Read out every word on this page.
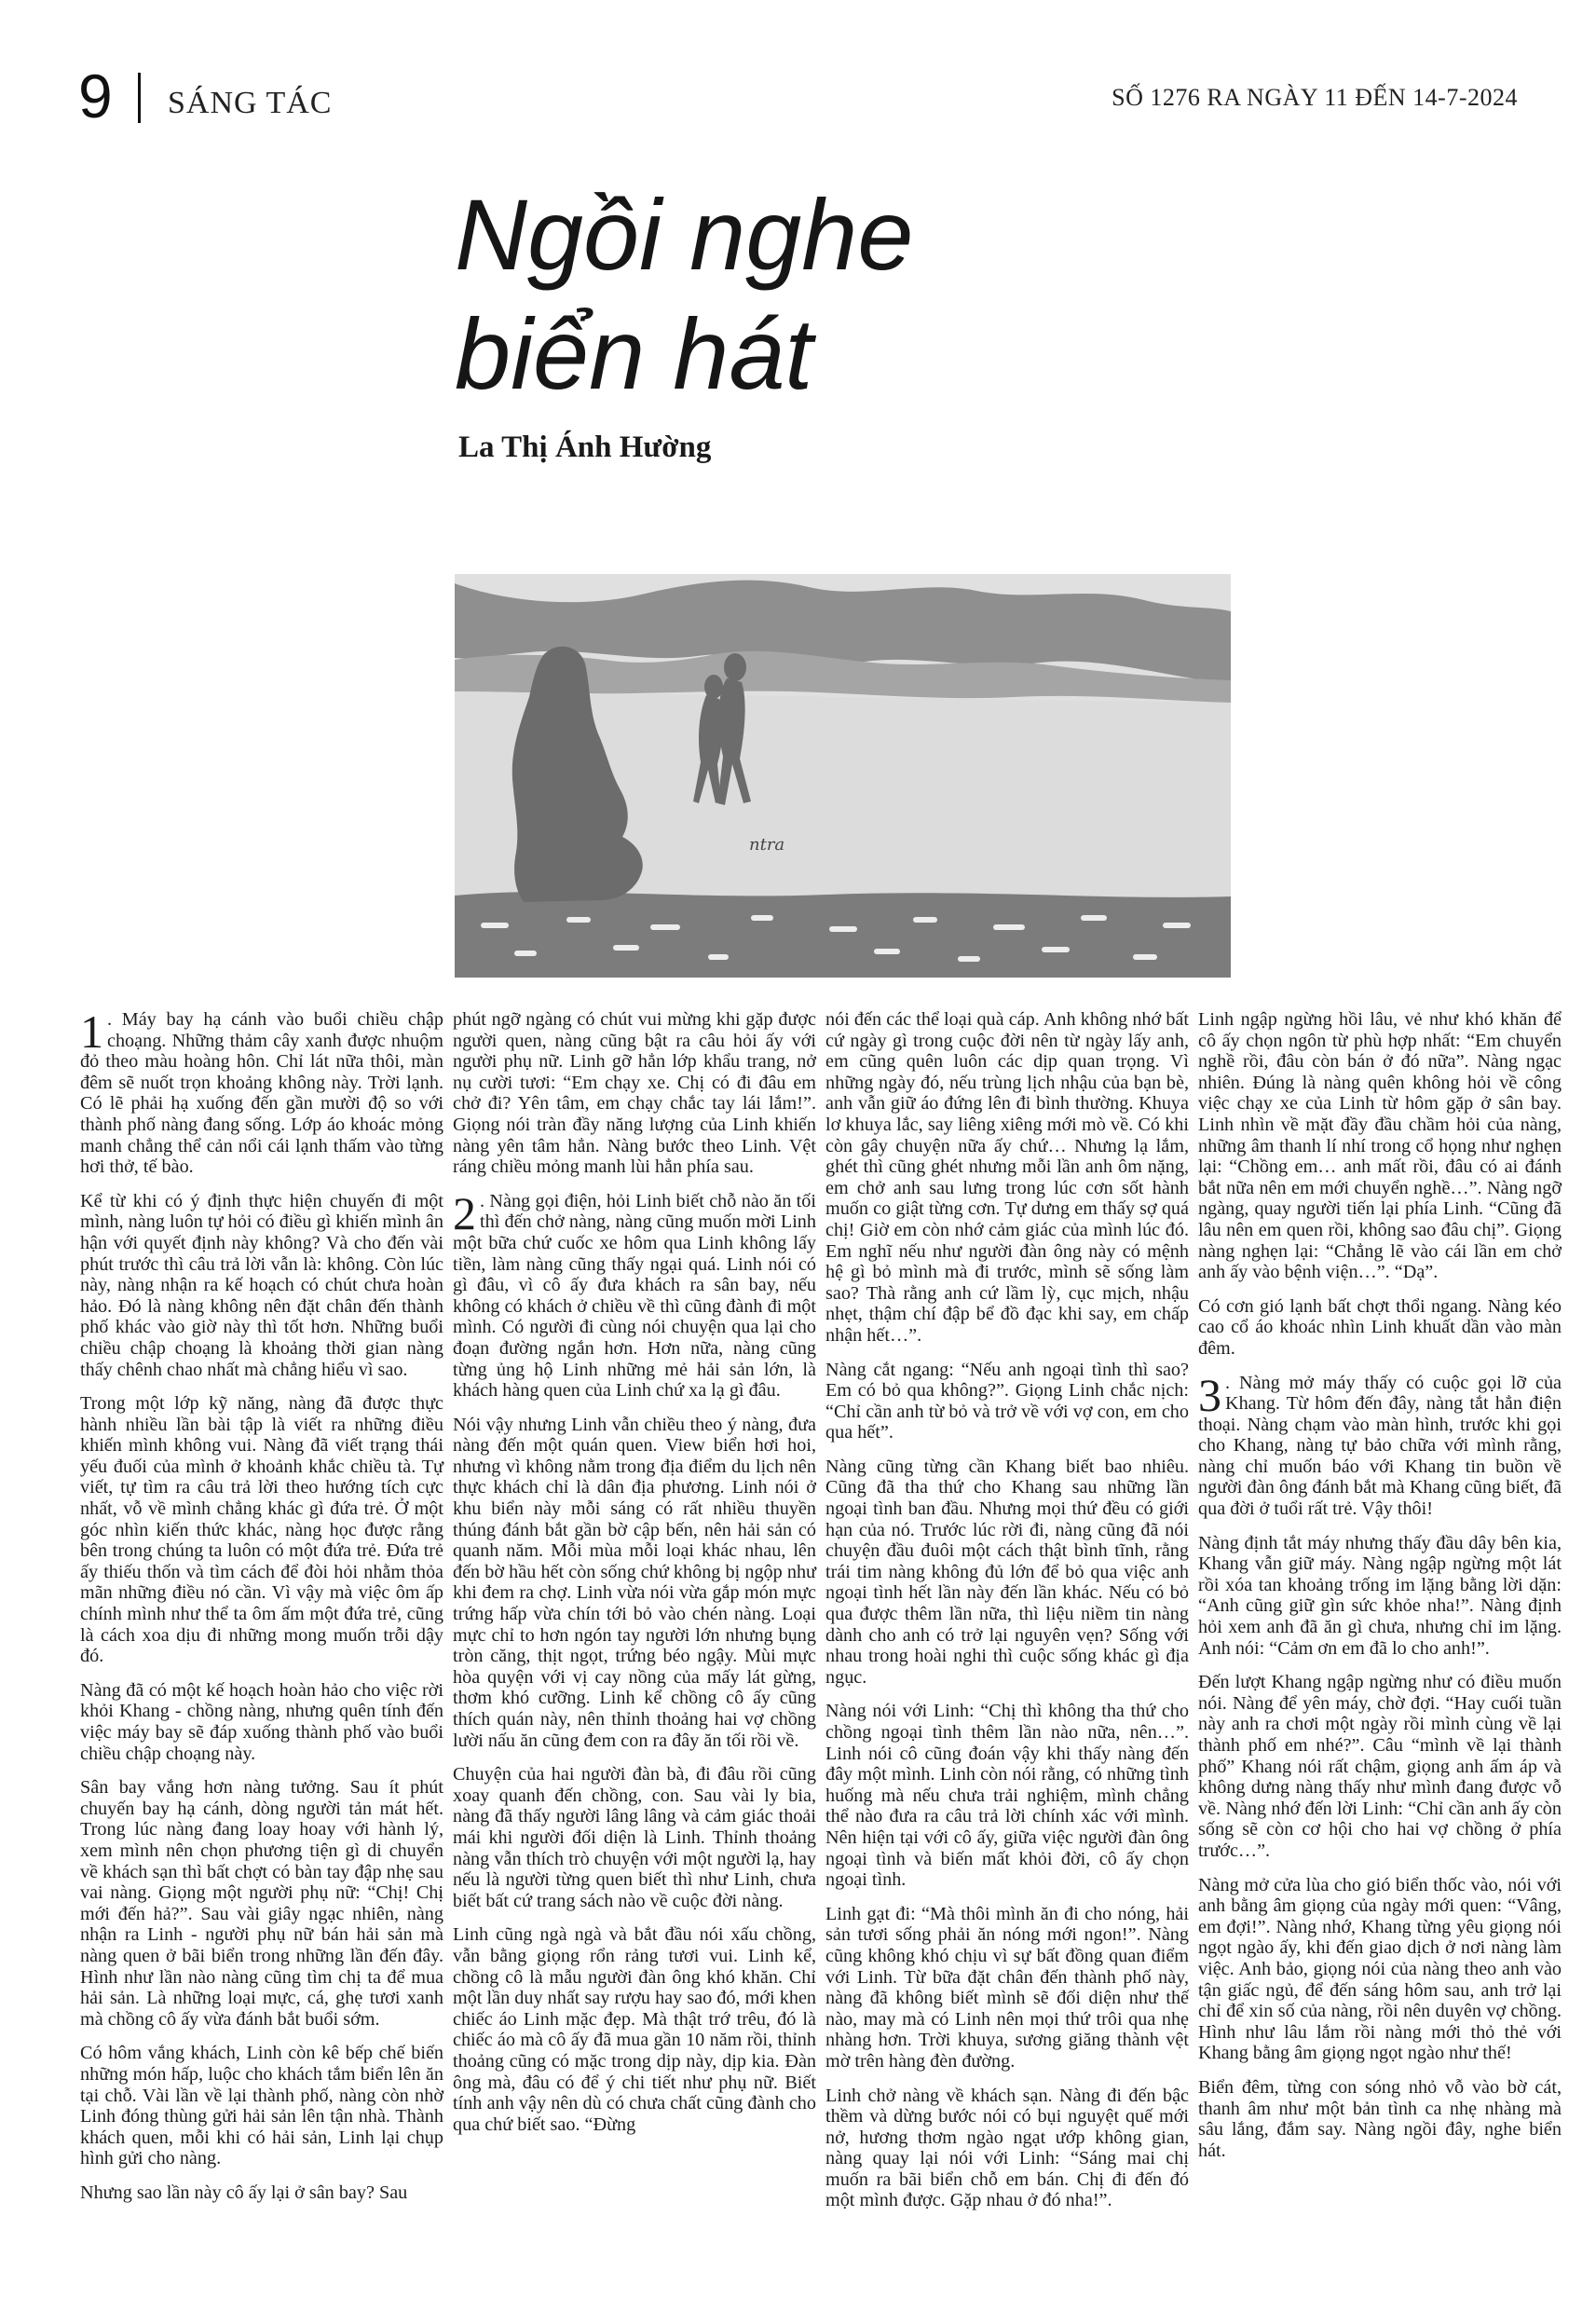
9 SÁNG TÁC	SỐ 1276 RA NGÀY 11 ĐẾN 14-7-2024
Ngồi nghe
biển hát
La Thị Ánh Hường
ntra

1 . Máy bay hạ cánh vào buổi chiều chập choạng. Những thảm cây xanh được nhuộm đỏ theo màu hoàng hôn. Chỉ lát nữa thôi, màn đêm sẽ nuốt trọn khoảng không này. Trời lạnh. Có lẽ phải hạ xuống đến gần mười độ so với thành phố nàng đang sống. Lớp áo khoác mỏng manh chẳng thể cản nổi cái lạnh thấm vào từng hơi thở, tế bào.

Kể từ khi có ý định thực hiện chuyến đi một mình, nàng luôn tự hỏi có điều gì khiến mình ân hận với quyết định này không? Và cho đến vài phút trước thì câu trả lời vẫn là: không. Còn lúc này, nàng nhận ra kế hoạch có chút chưa hoàn hảo. Đó là nàng không nên đặt chân đến thành phố khác vào giờ này thì tốt hơn. Những buổi chiều chập choạng là khoảng thời gian nàng thấy chênh chao nhất mà chẳng hiểu vì sao.

Trong một lớp kỹ năng, nàng đã được thực hành nhiều lần bài tập là viết ra những điều khiến mình không vui. Nàng đã viết trạng thái yếu đuối của mình ở khoảnh khắc chiều tà. Tự viết, tự tìm ra câu trả lời theo hướng tích cực nhất, vỗ về mình chẳng khác gì đứa trẻ. Ở một góc nhìn kiến thức khác, nàng học được rằng bên trong chúng ta luôn có một đứa trẻ. Đứa trẻ ấy thiếu thốn và tìm cách để đòi hỏi nhằm thỏa mãn những điều nó cần. Vì vậy mà việc ôm ấp chính mình như thể ta ôm ấm một đứa trẻ, cũng là cách xoa dịu đi những mong muốn trỗi dậy đó.

Nàng đã có một kế hoạch hoàn hảo cho việc rời khỏi Khang - chồng nàng, nhưng quên tính đến việc máy bay sẽ đáp xuống thành phố vào buổi chiều chập choạng này.

Sân bay vắng hơn nàng tưởng. Sau ít phút chuyến bay hạ cánh, dòng người tản mát hết. Trong lúc nàng đang loay hoay với hành lý, xem mình nên chọn phương tiện gì di chuyển về khách sạn thì bất chợt có bàn tay đập nhẹ sau vai nàng. Giọng một người phụ nữ: “Chị! Chị mới đến hả?”. Sau vài giây ngạc nhiên, nàng nhận ra Linh - người phụ nữ bán hải sản mà nàng quen ở bãi biển trong những lần đến đây. Hình như lần nào nàng cũng tìm chị ta để mua hải sản. Là những loại mực, cá, ghẹ tươi xanh mà chồng cô ấy vừa đánh bắt buổi sớm.

Có hôm vắng khách, Linh còn kê bếp chế biến những món hấp, luộc cho khách tắm biển lên ăn tại chỗ. Vài lần về lại thành phố, nàng còn nhờ Linh đóng thùng gửi hải sản lên tận nhà. Thành khách quen, mỗi khi có hải sản, Linh lại chụp hình gửi cho nàng.

Nhưng sao lần này cô ấy lại ở sân bay? Sau

phút ngỡ ngàng có chút vui mừng khi gặp được người quen, nàng cũng bật ra câu hỏi ấy với người phụ nữ. Linh gỡ hẳn lớp khẩu trang, nở nụ cười tươi: “Em chạy xe. Chị có đi đâu em chở đi? Yên tâm, em chạy chắc tay lái lắm!”. Giọng nói tràn đầy năng lượng của Linh khiến nàng yên tâm hẳn. Nàng bước theo Linh. Vệt ráng chiều mỏng manh lùi hẳn phía sau.

2 . Nàng gọi điện, hỏi Linh biết chỗ nào ăn tối thì đến chở nàng, nàng cũng muốn mời Linh một bữa chứ cuốc xe hôm qua Linh không lấy tiền, làm nàng cũng thấy ngại quá. Linh nói có gì đâu, vì cô ấy đưa khách ra sân bay, nếu không có khách ở chiều về thì cũng đành đi một mình. Có người đi cùng nói chuyện qua lại cho đoạn đường ngắn hơn. Hơn nữa, nàng cũng từng ủng hộ Linh những mẻ hải sản lớn, là khách hàng quen của Linh chứ xa lạ gì đâu.

Nói vậy nhưng Linh vẫn chiều theo ý nàng, đưa nàng đến một quán quen. View biển hơi hoi, nhưng vì không nằm trong địa điểm du lịch nên thực khách chỉ là dân địa phương. Linh nói ở khu biển này mỗi sáng có rất nhiều thuyền thúng đánh bắt gần bờ cập bến, nên hải sản có quanh năm. Mỗi mùa mỗi loại khác nhau, lên đến bờ hầu hết còn sống chứ không bị ngộp như khi đem ra chợ. Linh vừa nói vừa gắp món mực trứng hấp vừa chín tới bỏ vào chén nàng. Loại mực chỉ to hơn ngón tay người lớn nhưng bụng tròn căng, thịt ngọt, trứng béo ngậy. Mùi mực hòa quyện với vị cay nồng của mấy lát gừng, thơm khó cưỡng. Linh kể chồng cô ấy cũng thích quán này, nên thỉnh thoảng hai vợ chồng lười nấu ăn cũng đem con ra đây ăn tối rồi về.

Chuyện của hai người đàn bà, đi đâu rồi cũng xoay quanh đến chồng, con. Sau vài ly bia, nàng đã thấy người lâng lâng và cảm giác thoải mái khi người đối diện là Linh. Thỉnh thoảng nàng vẫn thích trò chuyện với một người lạ, hay nếu là người từng quen biết thì như Linh, chưa biết bất cứ trang sách nào về cuộc đời nàng.

Linh cũng ngà ngà và bắt đầu nói xấu chồng, vẫn bằng giọng rổn rảng tươi vui. Linh kể, chồng cô là mẫu người đàn ông khó khăn. Chỉ một lần duy nhất say rượu hay sao đó, mới khen chiếc áo Linh mặc đẹp. Mà thật trớ trêu, đó là chiếc áo mà cô ấy đã mua gần 10 năm rồi, thỉnh thoảng cũng có mặc trong dịp này, dịp kia. Đàn ông mà, đâu có để ý chi tiết như phụ nữ. Biết tính anh vậy nên dù có chưa chất cũng đành cho qua chứ biết sao. “Đừng

nói đến các thể loại quà cáp. Anh không nhớ bất cứ ngày gì trong cuộc đời nên từ ngày lấy anh, em cũng quên luôn các dịp quan trọng. Vì những ngày đó, nếu trùng lịch nhậu của bạn bè, anh vẫn giữ áo đứng lên đi bình thường. Khuya lơ khuya lắc, say liêng xiêng mới mò về. Có khi còn gây chuyện nữa ấy chứ… Nhưng lạ lắm, ghét thì cũng ghét nhưng mỗi lần anh ôm nặng, em chở anh sau lưng trong lúc cơn sốt hành muốn co giật từng cơn. Tự dưng em thấy sợ quá chị! Giờ em còn nhớ cảm giác của mình lúc đó. Em nghĩ nếu như người đàn ông này có mệnh hệ gì bỏ mình mà đi trước, mình sẽ sống làm sao? Thà rằng anh cứ lầm lỳ, cục mịch, nhậu nhẹt, thậm chí đập bể đồ đạc khi say, em chấp nhận hết…”.

Nàng cắt ngang: “Nếu anh ngoại tình thì sao? Em có bỏ qua không?”. Giọng Linh chắc nịch: “Chỉ cần anh từ bỏ và trở về với vợ con, em cho qua hết”.

Nàng cũng từng cần Khang biết bao nhiêu. Cũng đã tha thứ cho Khang sau những lần ngoại tình ban đầu. Nhưng mọi thứ đều có giới hạn của nó. Trước lúc rời đi, nàng cũng đã nói chuyện đầu đuôi một cách thật bình tĩnh, rằng trái tim nàng không đủ lớn để bỏ qua việc anh ngoại tình hết lần này đến lần khác. Nếu có bỏ qua được thêm lần nữa, thì liệu niềm tin nàng dành cho anh có trở lại nguyên vẹn? Sống với nhau trong hoài nghi thì cuộc sống khác gì địa ngục.

Nàng nói với Linh: “Chị thì không tha thứ cho chồng ngoại tình thêm lần nào nữa, nên…”. Linh nói cô cũng đoán vậy khi thấy nàng đến đây một mình. Linh còn nói rằng, có những tình huống mà nếu chưa trải nghiệm, mình chẳng thể nào đưa ra câu trả lời chính xác với mình. Nên hiện tại với cô ấy, giữa việc người đàn ông ngoại tình và biến mất khỏi đời, cô ấy chọn ngoại tình.

Linh gạt đi: “Mà thôi mình ăn đi cho nóng, hải sản tươi sống phải ăn nóng mới ngon!”. Nàng cũng không khó chịu vì sự bất đồng quan điểm với Linh. Từ bữa đặt chân đến thành phố này, nàng đã không biết mình sẽ đối diện như thế nào, may mà có Linh nên mọi thứ trôi qua nhẹ nhàng hơn. Trời khuya, sương giăng thành vệt mờ trên hàng đèn đường.

Linh chở nàng về khách sạn. Nàng đi đến bậc thềm và dừng bước nói có bụi nguyệt quế mới nở, hương thơm ngào ngạt ướp không gian, nàng quay lại nói với Linh: “Sáng mai chị muốn ra bãi biển chỗ em bán. Chị đi đến đó một mình được. Gặp nhau ở đó nha!”.

Linh ngập ngừng hồi lâu, vẻ như khó khăn để cô ấy chọn ngôn từ phù hợp nhất: “Em chuyển nghề rồi, đâu còn bán ở đó nữa”. Nàng ngạc nhiên. Đúng là nàng quên không hỏi về công việc chạy xe của Linh từ hôm gặp ở sân bay. Linh nhìn về mặt đầy đầu chầm hỏi của nàng, những âm thanh lí nhí trong cổ họng như nghẹn lại: “Chồng em… anh mất rồi, đâu có ai đánh bắt nữa nên em mới chuyển nghề…”. Nàng ngỡ ngàng, quay người tiến lại phía Linh. “Cũng đã lâu nên em quen rồi, không sao đâu chị”. Giọng nàng nghẹn lại: “Chẳng lẽ vào cái lần em chở anh ấy vào bệnh viện…”. “Dạ”.

Có cơn gió lạnh bất chợt thổi ngang. Nàng kéo cao cổ áo khoác nhìn Linh khuất dần vào màn đêm.

3 . Nàng mở máy thấy có cuộc gọi lỡ của Khang. Từ hôm đến đây, nàng tắt hẳn điện thoại. Nàng chạm vào màn hình, trước khi gọi cho Khang, nàng tự bảo chữa với mình rằng, nàng chỉ muốn báo với Khang tin buồn về người đàn ông đánh bắt mà Khang cũng biết, đã qua đời ở tuổi rất trẻ. Vậy thôi!

Nàng định tắt máy nhưng thấy đầu dây bên kia, Khang vẫn giữ máy. Nàng ngập ngừng một lát rồi xóa tan khoảng trống im lặng bằng lời dặn: “Anh cũng giữ gìn sức khỏe nha!”. Nàng định hỏi xem anh đã ăn gì chưa, nhưng chỉ im lặng. Anh nói: “Cảm ơn em đã lo cho anh!”.

Đến lượt Khang ngập ngừng như có điều muốn nói. Nàng để yên máy, chờ đợi. “Hay cuối tuần này anh ra chơi một ngày rồi mình cùng về lại thành phố em nhé?”. Câu “mình về lại thành phố” Khang nói rất chậm, giọng anh ấm áp và không dưng nàng thấy như mình đang được vỗ về. Nàng nhớ đến lời Linh: “Chỉ cần anh ấy còn sống sẽ còn cơ hội cho hai vợ chồng ở phía trước…”.

Nàng mở cửa lùa cho gió biển thốc vào, nói với anh bằng âm giọng của ngày mới quen: “Vâng, em đợi!”. Nàng nhớ, Khang từng yêu giọng nói ngọt ngào ấy, khi đến giao dịch ở nơi nàng làm việc. Anh bảo, giọng nói của nàng theo anh vào tận giấc ngủ, để đến sáng hôm sau, anh trở lại chỉ để xin số của nàng, rồi nên duyên vợ chồng. Hình như lâu lắm rồi nàng mới thỏ thẻ với Khang bằng âm giọng ngọt ngào như thế!

Biển đêm, từng con sóng nhỏ vỗ vào bờ cát, thanh âm như một bản tình ca nhẹ nhàng mà sâu lắng, đắm say. Nàng ngồi đây, nghe biển hát.
